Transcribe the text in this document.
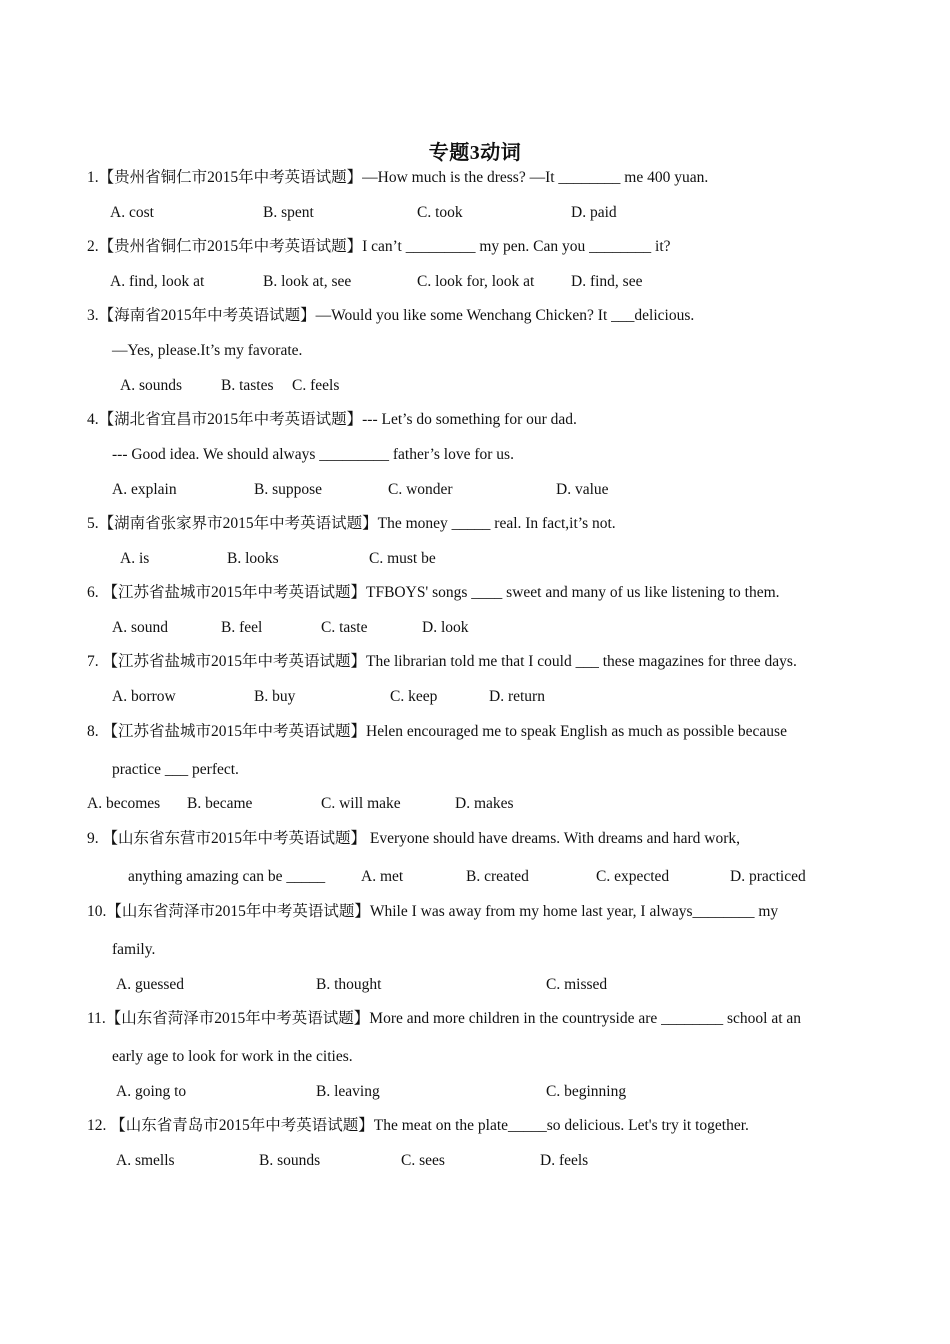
专题3动词
1.【贵州省铜仁市2015年中考英语试题】—How much is the dress? —It ________ me 400 yuan.
A. cost	B. spent	C. took	D. paid
2.【贵州省铜仁市2015年中考英语试题】I can’t _________ my pen. Can you ________ it?
A. find, look at	B. look at, see	C. look for, look at D. find, see
3.【海南省2015年中考英语试题】—Would you like some Wenchang Chicken? It ___delicious.
—Yes, please.It’s my favorate.
A. sounds	B. tastes C. feels
4.【湖北省宜昌市2015年中考英语试题】--- Let’s do something for our dad.
--- Good idea. We should always _________ father’s love for us.
A. explain	B. suppose	C. wonder	D. value
5.【湖南省张家界市2015年中考英语试题】The money _____ real. In fact,it’s not.
A. is	B. looks	C. must be
6. 【江苏省盐城市2015年中考英语试题】TFBOYS' songs ____ sweet and many of us like listening to them.
A. sound	B. feel	C. taste	D. look
7. 【江苏省盐城市2015年中考英语试题】The librarian told me that I could ___ these magazines for three days.
A. borrow	B. buy	C. keep	D. return
8. 【江苏省盐城市2015年中考英语试题】Helen encouraged me to speak English as much as possible because
practice ___ perfect.
A. becomes B. became	C. will make	D. makes
9. 【山东省东营市2015年中考英语试题】 Everyone should have dreams. With dreams and hard work,
anything amazing can be _____ A. met	B. created	C. expected	D. practiced
10.【山东省菏泽市2015年中考英语试题】While I was away from my home last year, I always________ my
family.
A. guessed	B. thought	C. missed
11.【山东省菏泽市2015年中考英语试题】More and more children in the countryside are ________ school at an
early age to look for work in the cities.
A. going to	B. leaving	C. beginning
12. 【山东省青岛市2015年中考英语试题】The meat on the plate_____so delicious. Let's try it together.
A. smells	B. sounds	C. sees	D. feels
